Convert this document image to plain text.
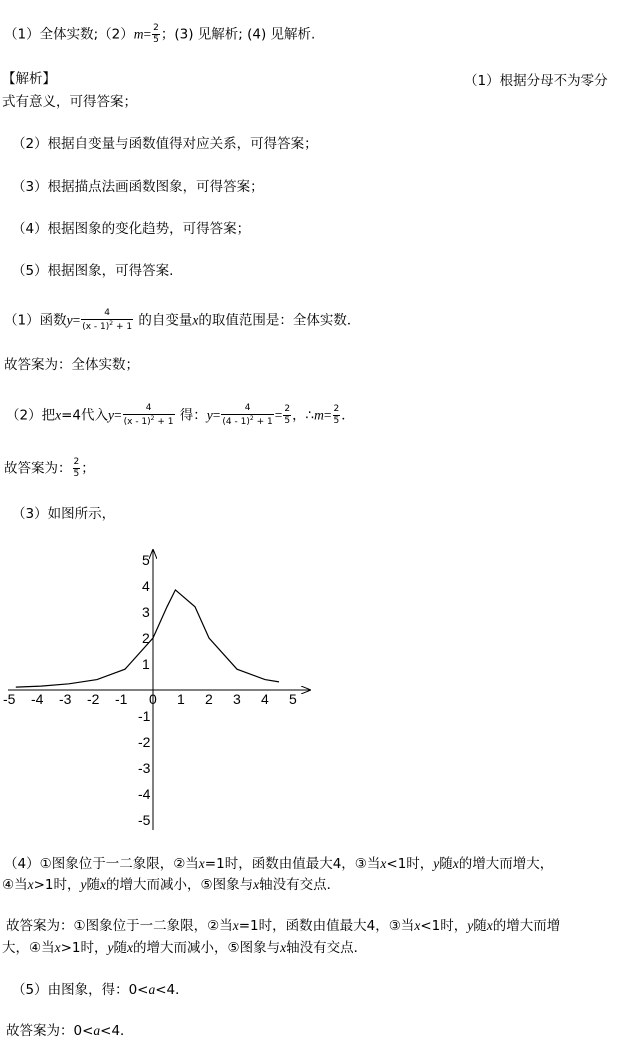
（1）全体实数;（2）m= $\frac{2}{5}$ ；(3) 见解析; (4) 见解析.
【解析】	（1）根据分母不为零分
式有意义，可得答案；
（2）根据自变量与函数值得对应关系，可得答案；
（3）根据描点法画函数图象，可得答案；
（4）根据图象的变化趋势，可得答案；
（5）根据图象，可得答案.
（1）函数$y= \frac{4}{(x - 1)^2 + 1}$ 的自变量x的取值范围是：全体实数．
故答案为：全体实数；
（2）把x=4代入$y= \frac{4}{(x - 1)^2 + 1}$ 得：$y= \frac{4}{(4 - 1)^2 + 1} = \frac{2}{5}$ ，∴m= $\frac{2}{5}$ ．
故答案为： $\frac{2}{5}$ ；
（3）如图所示，
-5 -4 -3 -2 -1 0 1 2 3 4 5
5
4
3
2
1
-1
-2
-3
-4
-5
（4）①图象位于一二象限，②当x=1时，函数由值最大4，③当x<1时，y随x的增大而增大，
④当x>1时，y随x的增大而减小，⑤图象与x轴没有交点．
故答案为：①图象位于一二象限，②当x=1时，函数由值最大4，③当x<1时，y随x的增大而增
大，④当x>1时，y随x的增大而减小，⑤图象与x轴没有交点．
（5）由图象，得：0<a<4．
故答案为：0<a<4．
